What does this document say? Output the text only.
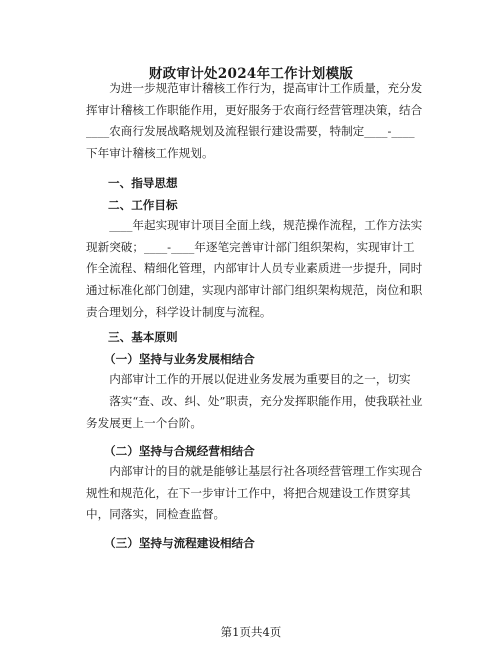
财政审计处2024年工作计划模版
为进一步规范审计稽核工作行为，提高审计工作质量，充分发挥审计稽核工作职能作用，更好服务于农商行经营管理决策，结合____农商行发展战略规划及流程银行建设需要，特制定____-____下年审计稽核工作规划。
一、指导思想
二、工作目标
____年起实现审计项目全面上线，规范操作流程，工作方法实现新突破；____-____年逐笔完善审计部门组织架构，实现审计工作全流程、精细化管理，内部审计人员专业素质进一步提升，同时通过标准化部门创建，实现内部审计部门组织架构规范，岗位和职责合理划分，科学设计制度与流程。
三、基本原则
（一）坚持与业务发展相结合
内部审计工作的开展以促进业务发展为重要目的之一，切实
落实“查、改、纠、处”职责，充分发挥职能作用，使我联社业务发展更上一个台阶。
（二）坚持与合规经营相结合
内部审计的目的就是能够让基层行社各项经营管理工作实现合规性和规范化，在下一步审计工作中，将把合规建设工作贯穿其中，同落实，同检查监督。
（三）坚持与流程建设相结合
第1页共4页
